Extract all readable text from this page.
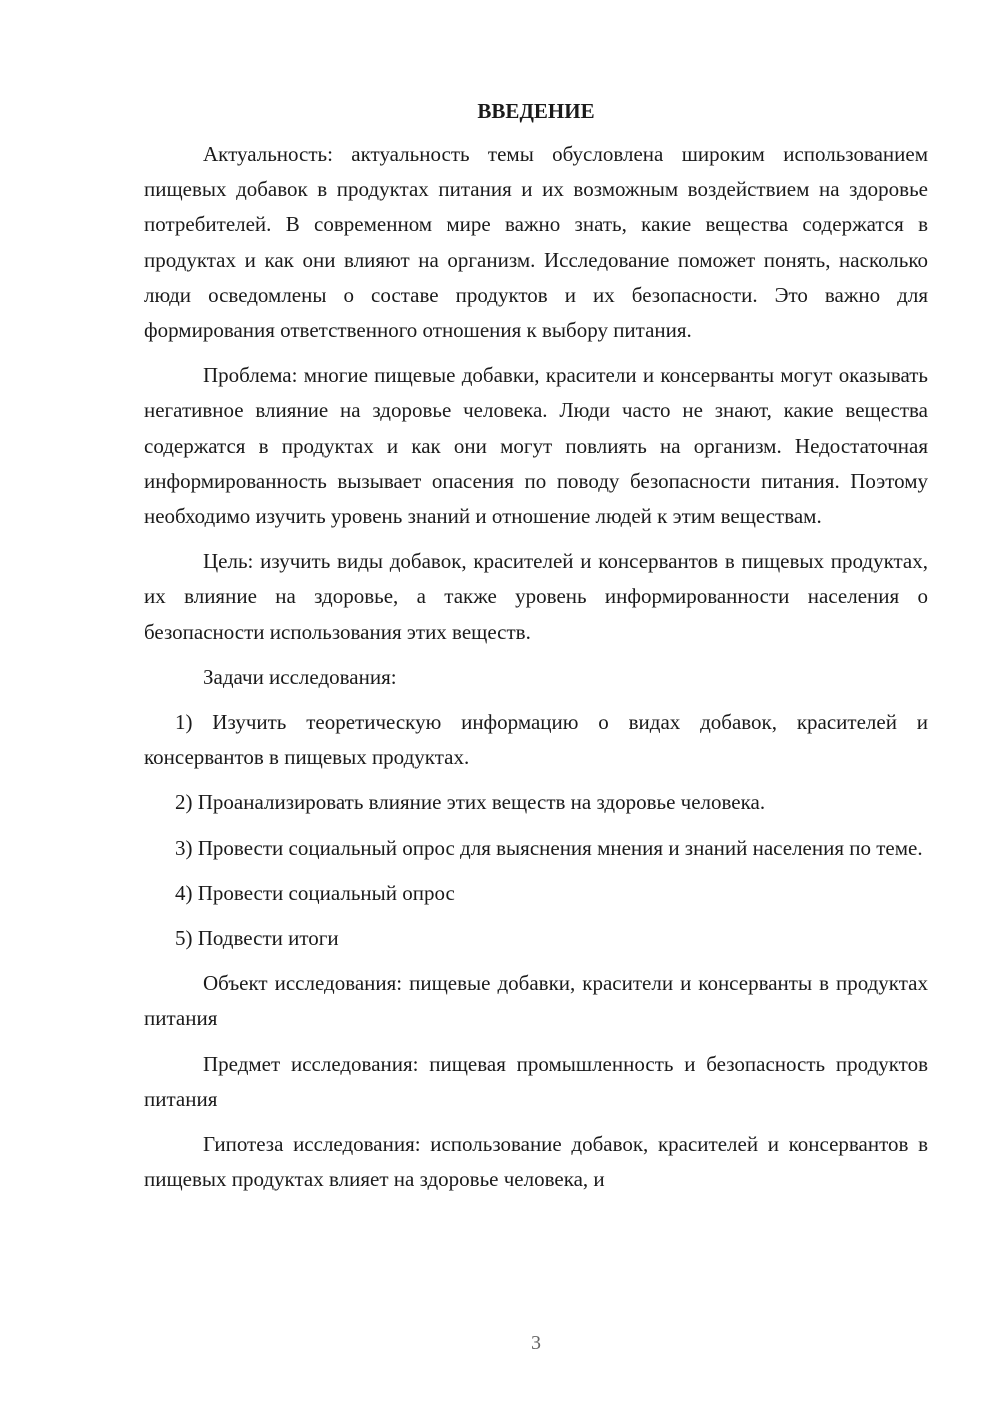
ВВЕДЕНИЕ

Актуальность: актуальность темы обусловлена широким использованием пищевых добавок в продуктах питания и их возможным воздействием на здоровье потребителей. В современном мире важно знать, какие вещества содержатся в продуктах и как они влияют на организм. Исследование поможет понять, насколько люди осведомлены о составе продуктов и их безопасности. Это важно для формирования ответственного отношения к выбору питания.

Проблема: многие пищевые добавки, красители и консерванты могут оказывать негативное влияние на здоровье человека. Люди часто не знают, какие вещества содержатся в продуктах и как они могут повлиять на организм. Недостаточная информированность вызывает опасения по поводу безопасности питания. Поэтому необходимо изучить уровень знаний и отношение людей к этим веществам.

Цель: изучить виды добавок, красителей и консервантов в пищевых продуктах, их влияние на здоровье, а также уровень информированности населения о безопасности использования этих веществ.

Задачи исследования:

1) Изучить теоретическую информацию о видах добавок, красителей и консервантов в пищевых продуктах.

2) Проанализировать влияние этих веществ на здоровье человека.

3) Провести социальный опрос для выяснения мнения и знаний населения по теме.

4) Провести социальный опрос

5) Подвести итоги

Объект исследования: пищевые добавки, красители и консерванты в продуктах питания

Предмет исследования: пищевая промышленность и безопасность продуктов питания

Гипотеза исследования: использование добавок, красителей и консервантов в пищевых продуктах влияет на здоровье человека, и

3
